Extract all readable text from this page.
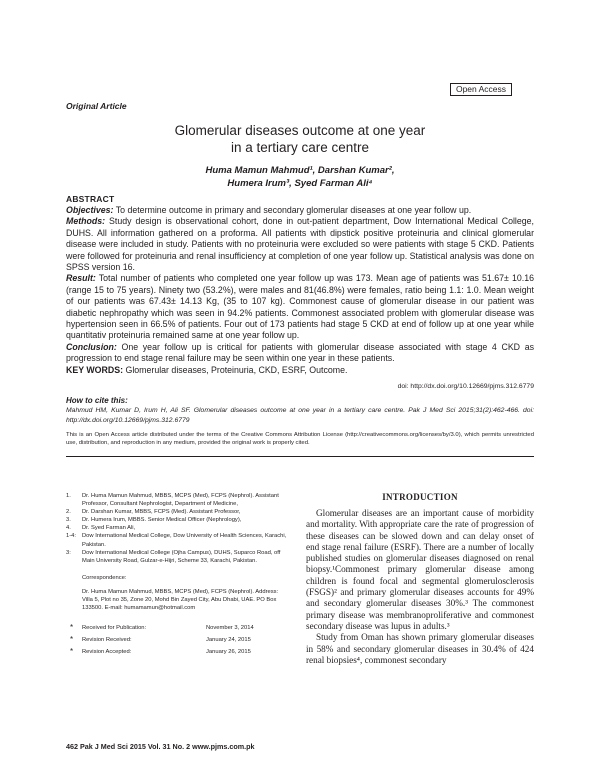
Open Access
Original Article
Glomerular diseases outcome at one year
in a tertiary care centre
Huma Mamun Mahmud¹, Darshan Kumar²,
Humera Irum³, Syed Farman Ali⁴
ABSTRACT

Objectives: To determine outcome in primary and secondary glomerular diseases at one year follow up.

Methods: Study design is observational cohort, done in out-patient department, Dow International Medical College, DUHS. All information gathered on a proforma. All patients with dipstick positive proteinuria and clinical glomerular disease were included in study. Patients with no proteinuria were excluded so were patients with stage 5 CKD. Patients were followed for proteinuria and renal insufficiency at completion of one year follow up. Statistical analysis was done on SPSS version 16.

Result: Total number of patients who completed one year follow up was 173. Mean age of patients was 51.67± 10.16 (range 15 to 75 years). Ninety two (53.2%), were males and 81(46.8%) were females, ratio being 1.1: 1.0. Mean weight of our patients was 67.43± 14.13 Kg, (35 to 107 kg). Commonest cause of glomerular disease in our patient was diabetic nephropathy which was seen in 94.2% patients. Commonest associated problem with glomerular disease was hypertension seen in 66.5% of patients. Four out of 173 patients had stage 5 CKD at end of follow up at one year while quantitativ proteinuria remained same at one year follow up.

Conclusion: One year follow up is critical for patients with glomerular disease associated with stage 4 CKD as progression to end stage renal failure may be seen within one year in these patients.

KEY WORDS: Glomerular diseases, Proteinuria, CKD, ESRF, Outcome.
doi: http://dx.doi.org/10.12669/pjms.312.6779
How to cite this:
Mahmud HM, Kumar D, Irum H, Ali SF. Glomerular diseases outcome at one year in a tertiary care centre. Pak J Med Sci 2015;31(2):462-466. doi: http://dx.doi.org/10.12669/pjms.312.6779
This is an Open Access article distributed under the terms of the Creative Commons Attribution License (http://creativecommons.org/licenses/by/3.0), which permits unrestricted use, distribution, and reproduction in any medium, provided the original work is properly cited.
1.	Dr. Huma Mamun Mahmud, MBBS, MCPS (Med), FCPS (Nephrol). Assistant Professor, Consultant Nephrologist, Department of Medicine,
2.	Dr. Darshan Kumar, MBBS, FCPS (Med). Assistant Professor,
3.	Dr. Humera Irum, MBBS. Senior Medical Officer (Nephrology),
4.	Dr. Syed Farman Ali,
1-4:	Dow International Medical College, Dow University of Health Sciences, Karachi, Pakistan.
3:	Dow International Medical College (Ojha Campus), DUHS, Suparco Road, off Main University Road, Gulzar-e-Hijri, Scheme 33, Karachi, Pakistan.
Correspondence:
Dr. Huma Mamun Mahmud, MBBS, MCPS (Med), FCPS (Nephrol). Address: Villa 5, Plot no 35, Zone 20, Mohd Bin Zayed City, Abu Dhabi, UAE. PO Box 133500. E-mail: humamamun@hotmail.com
*	Received for Publication:	November 3, 2014
*	Revision Received:	January 24, 2015
*	Revision Accepted:	January 26, 2015
INTRODUCTION

Glomerular diseases are an important cause of morbidity and mortality. With appropriate care the rate of progression of these diseases can be slowed down and can delay onset of end stage renal failure (ESRF). There are a number of locally published studies on glomerular diseases diagnosed on renal biopsy.¹Commonest primary glomerular disease among children is found focal and segmental glomerulosclerosis (FSGS)² and primary glomerular diseases accounts for 49% and secondary glomerular diseases 30%.³ The commonest primary disease was membranoproliferative and commonest secondary disease was lupus in adults.³

Study from Oman has shown primary glomerular diseases in 58% and secondary glomerular diseases in 30.4% of 424 renal biopsies⁴, commonest secondary

462 Pak J Med Sci 2015 Vol. 31 No. 2 www.pjms.com.pk
